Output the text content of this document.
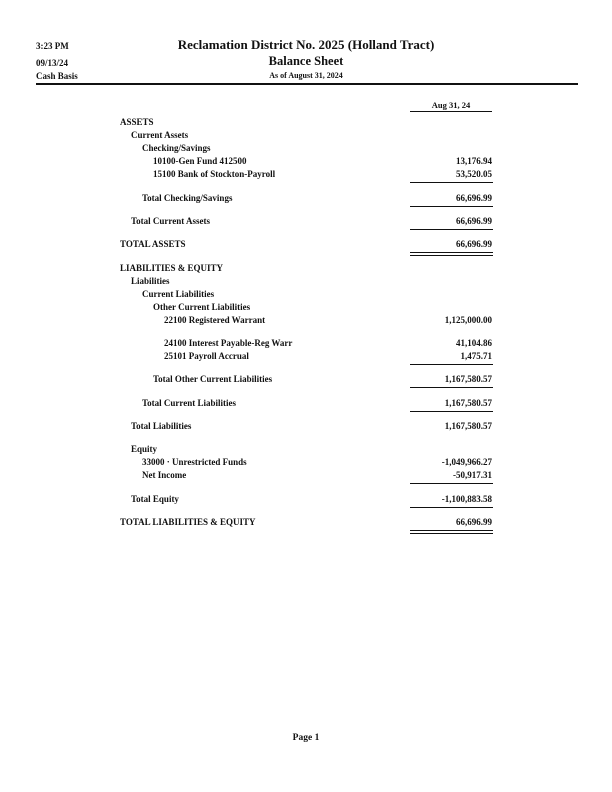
3:23 PM
09/13/24
Cash Basis
Reclamation District No. 2025 (Holland Tract)
Balance Sheet
As of August 31, 2024
Aug 31, 24
ASSETS
Current Assets
Checking/Savings
10100-Gen Fund 412500	13,176.94
15100 Bank of Stockton-Payroll	53,520.05
Total Checking/Savings	66,696.99
Total Current Assets	66,696.99
TOTAL ASSETS	66,696.99
LIABILITIES & EQUITY
Liabilities
Current Liabilities
Other Current Liabilities
22100 Registered Warrant	1,125,000.00
24100 Interest Payable-Reg Warr	41,104.86
25101 Payroll Accrual	1,475.71
Total Other Current Liabilities	1,167,580.57
Total Current Liabilities	1,167,580.57
Total Liabilities	1,167,580.57
Equity
33000 · Unrestricted Funds	-1,049,966.27
Net Income	-50,917.31
Total Equity	-1,100,883.58
TOTAL LIABILITIES & EQUITY	66,696.99
Page 1
